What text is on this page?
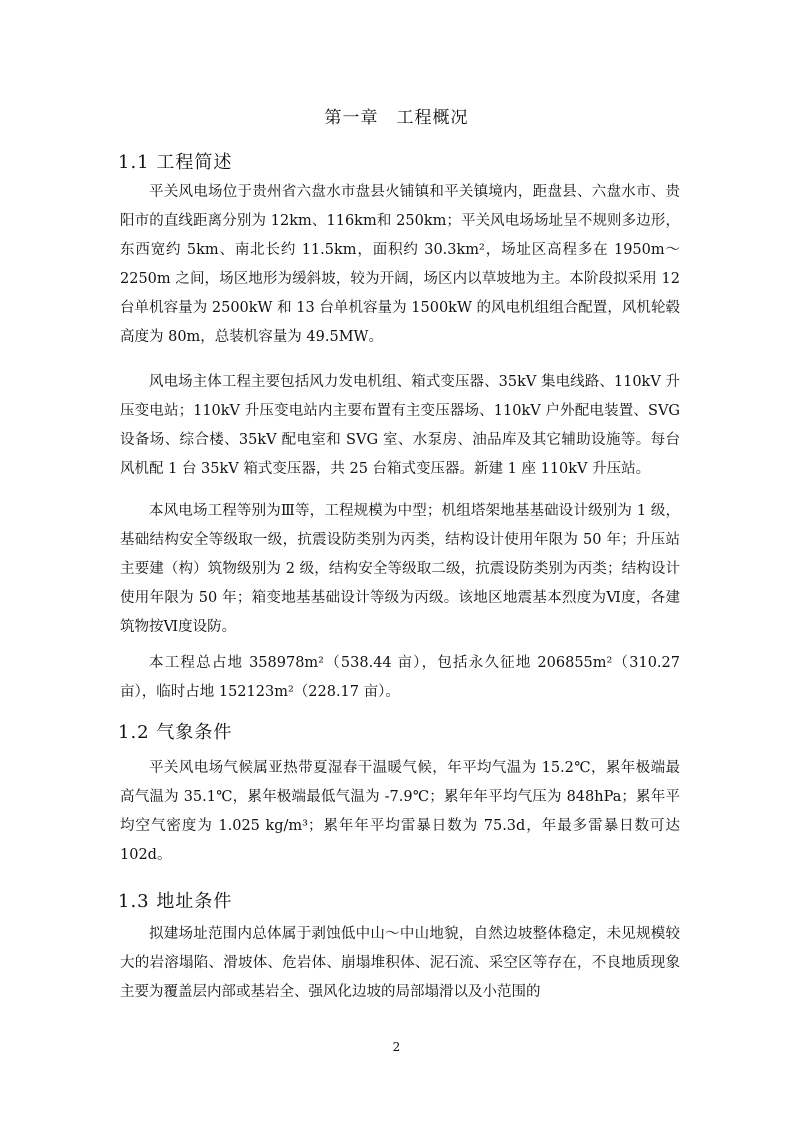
第一章　工程概况
1.1 工程简述

平关风电场位于贵州省六盘水市盘县火铺镇和平关镇境内，距盘县、六盘水市、贵阳市的直线距离分别为 12km、116km和 250km；平关风电场场址呈不规则多边形，东西宽约 5km、南北长约 11.5km，面积约 30.3km²，场址区高程多在 1950m～2250m 之间，场区地形为缓斜坡，较为开阔，场区内以草坡地为主。本阶段拟采用 12 台单机容量为 2500kW 和 13 台单机容量为 1500kW 的风电机组组合配置，风机轮毂高度为 80m，总装机容量为 49.5MW。

风电场主体工程主要包括风力发电机组、箱式变压器、35kV 集电线路、110kV 升压变电站；110kV 升压变电站内主要布置有主变压器场、110kV 户外配电装置、SVG 设备场、综合楼、35kV 配电室和 SVG 室、水泵房、油品库及其它辅助设施等。每台风机配 1 台 35kV 箱式变压器，共 25 台箱式变压器。新建 1 座 110kV 升压站。

本风电场工程等别为Ⅲ等，工程规模为中型；机组塔架地基基础设计级别为 1 级，基础结构安全等级取一级，抗震设防类别为丙类，结构设计使用年限为 50 年；升压站主要建（构）筑物级别为 2 级，结构安全等级取二级，抗震设防类别为丙类；结构设计使用年限为 50 年；箱变地基基础设计等级为丙级。该地区地震基本烈度为Ⅵ度，各建筑物按Ⅵ度设防。

本工程总占地 358978m²（538.44 亩），包括永久征地 206855m²（310.27 亩），临时占地 152123m²（228.17 亩）。

1.2 气象条件

平关风电场气候属亚热带夏湿春干温暖气候，年平均气温为 15.2℃，累年极端最高气温为 35.1℃，累年极端最低气温为 -7.9℃；累年年平均气压为 848hPa；累年平均空气密度为 1.025 kg/m³；累年年平均雷暴日数为 75.3d，年最多雷暴日数可达 102d。

1.3 地址条件

拟建场址范围内总体属于剥蚀低中山～中山地貌，自然边坡整体稳定，未见规模较大的岩溶塌陷、滑坡体、危岩体、崩塌堆积体、泥石流、采空区等存在，不良地质现象主要为覆盖层内部或基岩全、强风化边坡的局部塌滑以及小范围的

2
